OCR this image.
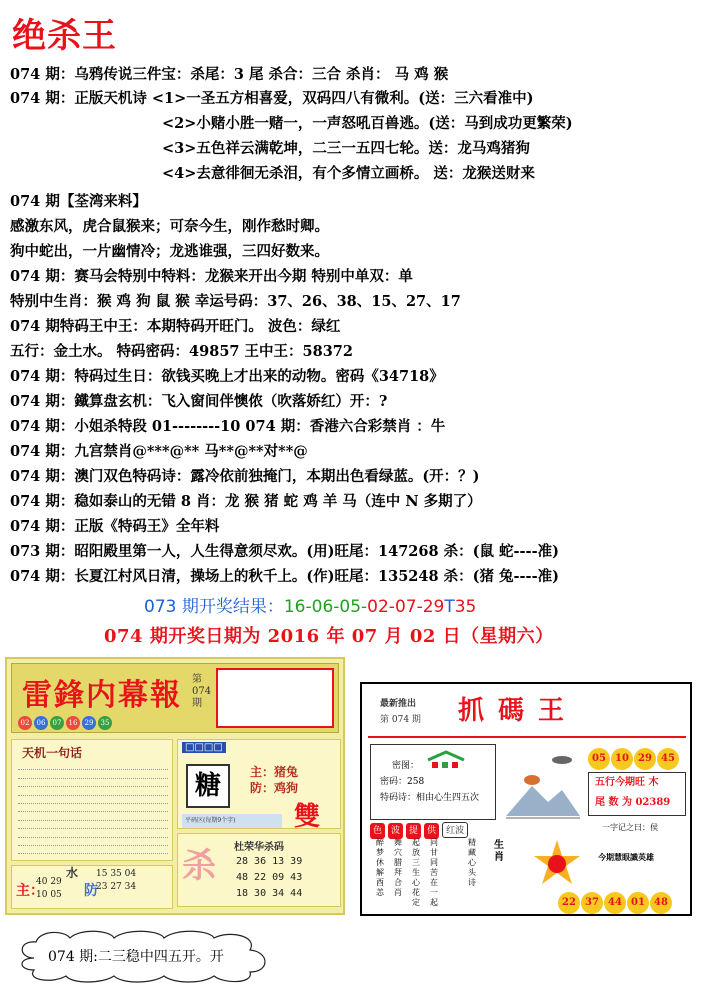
绝杀王
074 期：乌鸦传说三件宝：杀尾：3 尾 杀合：三合 杀肖： 马 鸡 猴
074 期：正版天机诗 <1>一圣五方相喜爱，双码四八有微利。(送：三六看准中)
<2>小赌小胜一赌一，一声怒吼百兽逃。(送：马到成功更繁荣)
<3>五色祥云满乾坤，二三一五四七轮。送：龙马鸡猪狗
<4>去意徘徊无杀泪，有个多情立画桥。 送：龙猴送财来
074 期【荃湾来料】
感激东风，虎合鼠猴来；可奈今生，刚作愁时卿。
狗中蛇出，一片幽情冷；龙逃谁强，三四好数来。
074 期：赛马会特别中特料：龙猴来开出今期 特别中单双：单
特别中生肖：猴 鸡 狗 鼠 猴 幸运号码：37、26、38、15、27、17
074 期特码王中王：本期特码开旺门。 波色：绿红
五行：金土水。 特码密码：49857 王中王：58372
074 期：特码过生日：欲钱买晚上才出来的动物。密码《34718》
074 期：鐵算盘玄机：飞入窗间伴懊侬（吹落娇红）开：?
074 期：小姐杀特段 01--------10 074 期：香港六合彩禁肖 ：牛
074 期：九宫禁肖@***@** 马**@**对**@
074 期：澳门双色特码诗：露冷依前独掩门，本期出色看绿蓝。(开：？)
074 期：稳如泰山的无错 8 肖：龙 猴 猪 蛇 鸡 羊 马（连中 N 多期了）
074 期：正版《特码王》全年料
073 期：昭阳殿里第一人，人生得意须尽欢。(用)旺尾：147268 杀：(鼠 蛇----准)
074 期：长夏江村风日清，操场上的秋千上。(作)旺尾：135248 杀：(猪 兔----准)
073 期开奖结果：16-06-05-02-07-29T35
074 期开奖日期为 2016 年 07 月 02 日（星期六）
雷鋒内幕報 第074期
02 06 07 16 29 35
天机一句话	□□□□
糖	主：猪兔
防：鸡狗
雙
平码区(每期9个字)
杀 杜荣华杀码
28 36 13 39
48 22 09 43
18 30 34 44
水
主：
40 29
10 05 防
15 35 04
23 27 34
最新推出
第 074 期 抓碼王
密图：
密码：258
特码诗：相由心生四五次
05 10 29 45
五行今期旺 木
尾 数 为 02389
色 波 提 供 红波
醉梦休解酉恙
舞穴腊拜合肖
起放三生心花定
同甘同苦在一起
精藏心头诗
生肖
一字记之曰：侯
今期慧眼識英雄
22 37 44 01 48
074 期:二三稳中四五开。开
